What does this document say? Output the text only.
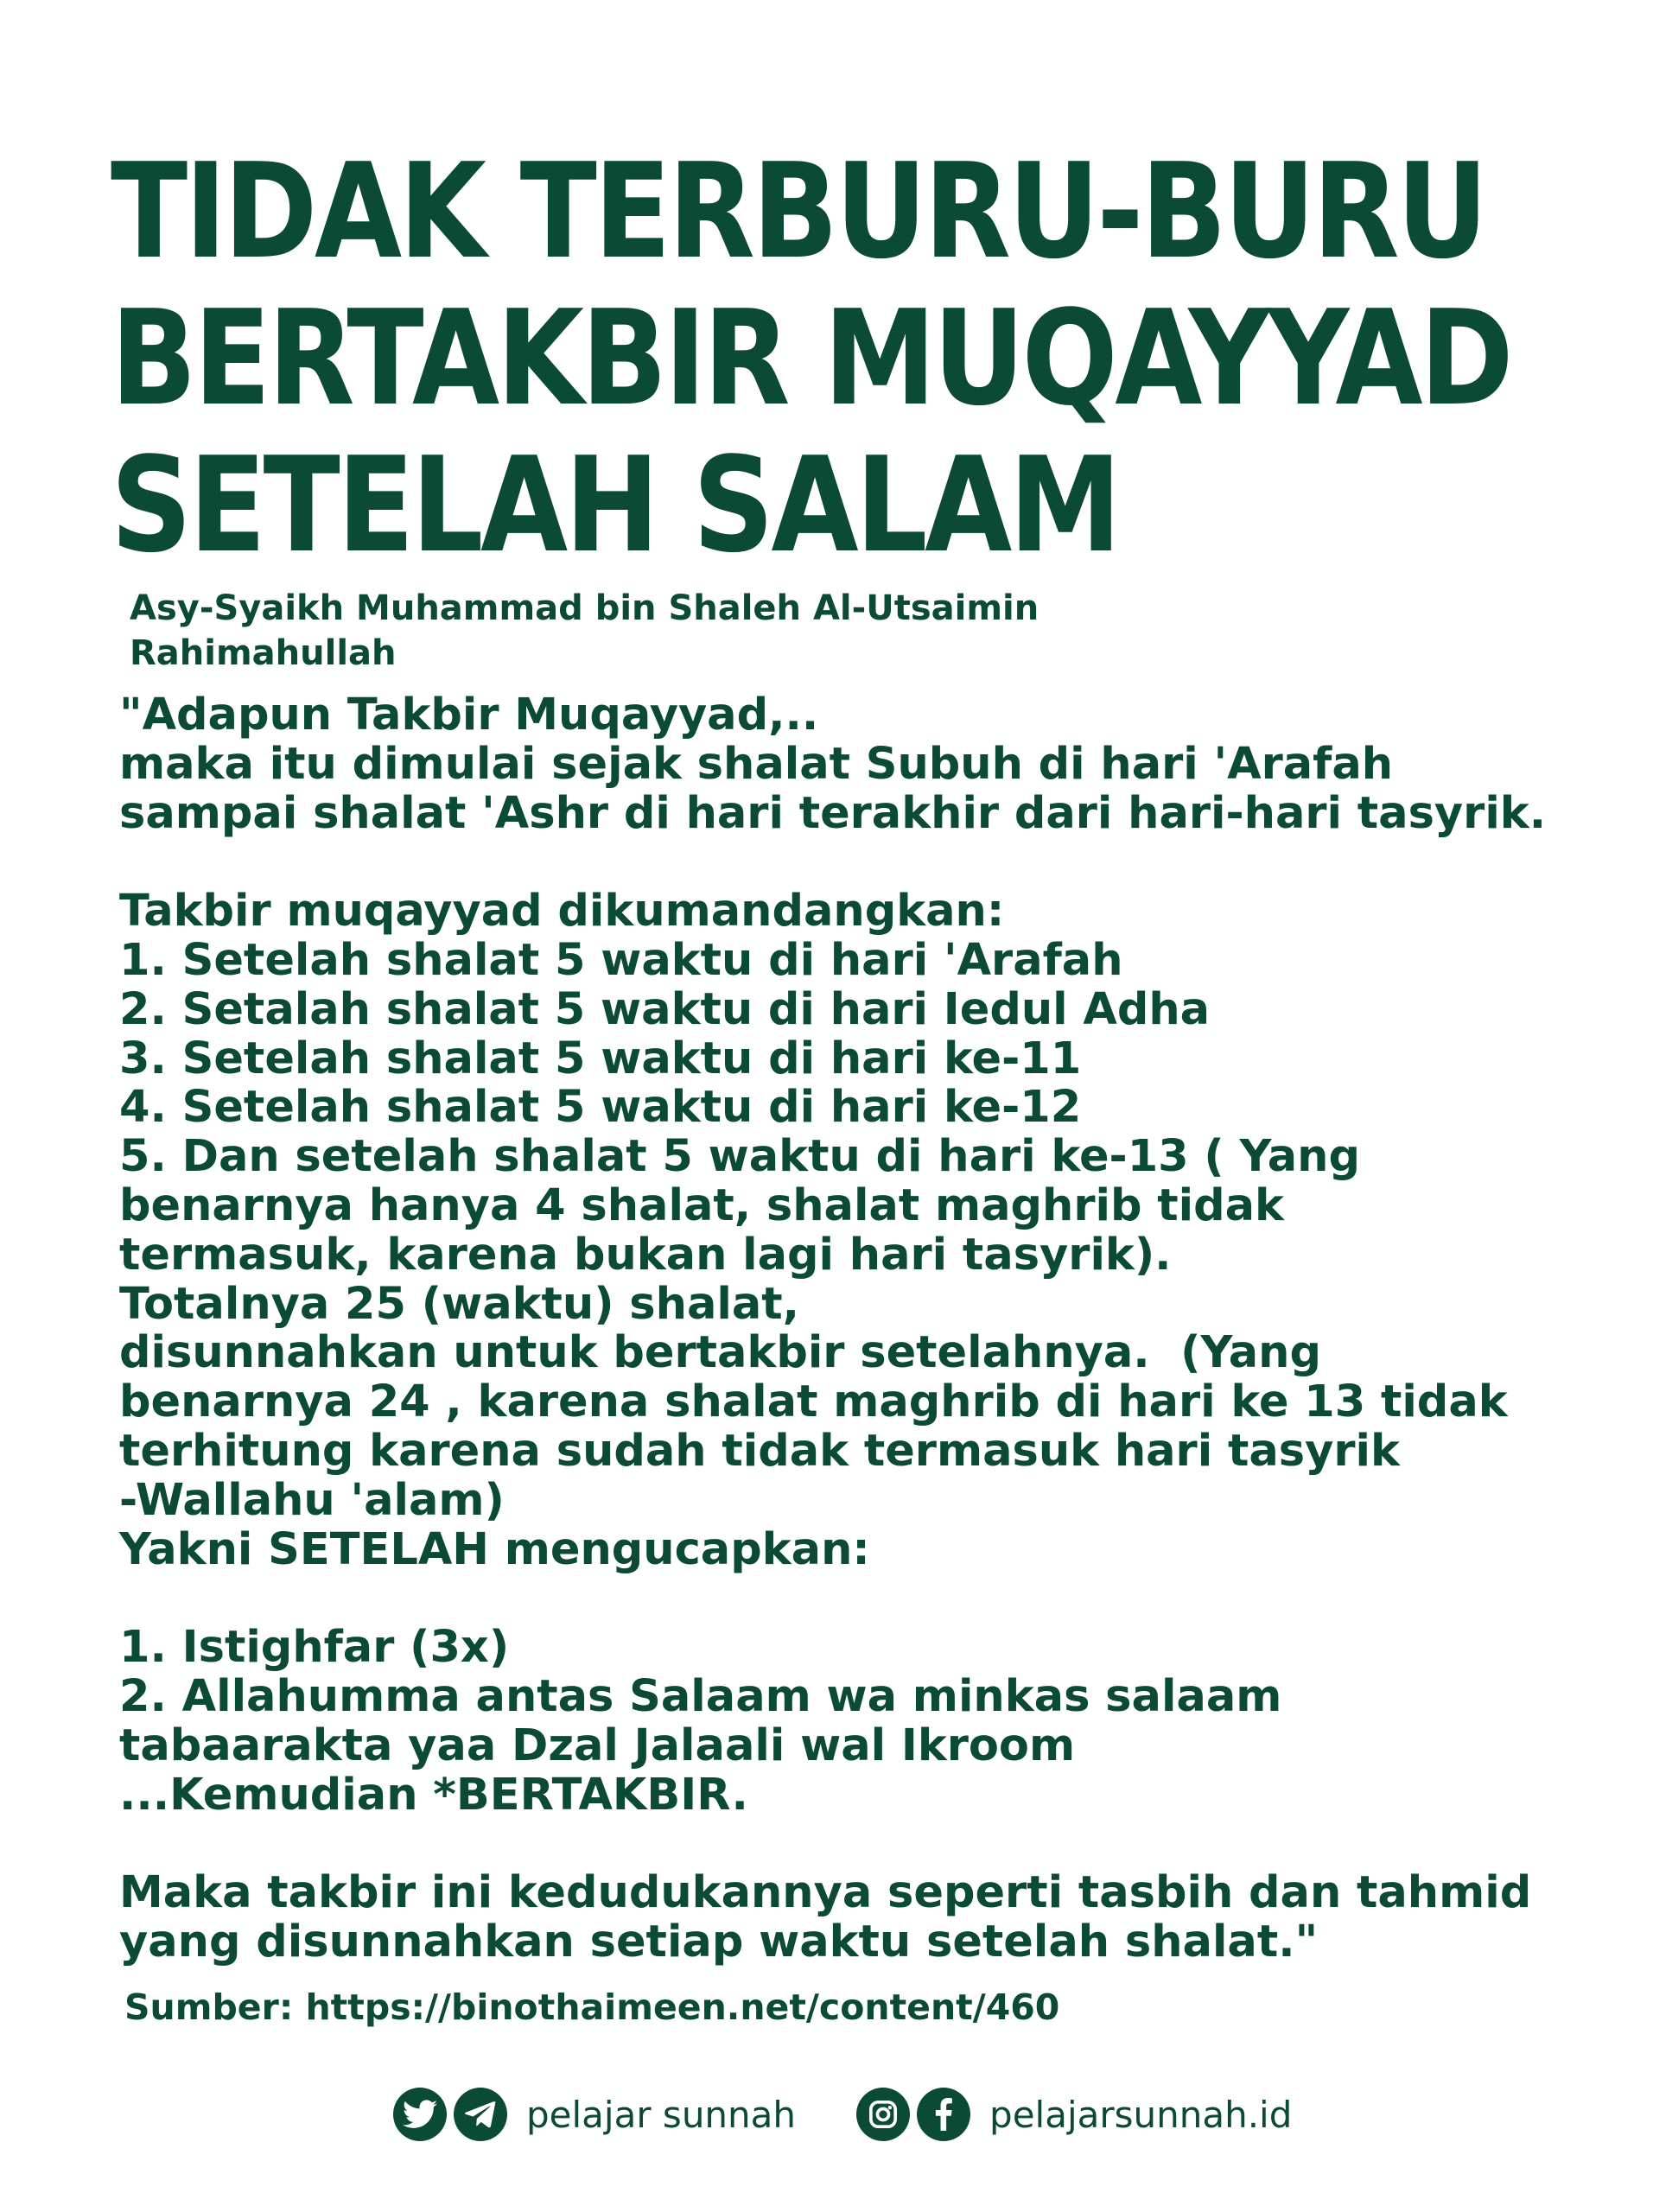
TIDAK TERBURU-BURU
BERTAKBIR MUQAYYAD
SETELAH SALAM
Asy-Syaikh Muhammad bin Shaleh Al-Utsaimin
Rahimahullah
"Adapun Takbir Muqayyad,..
maka itu dimulai sejak shalat Subuh di hari 'Arafah
sampai shalat 'Ashr di hari terakhir dari hari-hari tasyrik.
Takbir muqayyad dikumandangkan:
1. Setelah shalat 5 waktu di hari 'Arafah
2. Setalah shalat 5 waktu di hari Iedul Adha
3. Setelah shalat 5 waktu di hari ke-11
4. Setelah shalat 5 waktu di hari ke-12
5. Dan setelah shalat 5 waktu di hari ke-13 ( Yang
benarnya hanya 4 shalat, shalat maghrib tidak
termasuk, karena bukan lagi hari tasyrik).
Totalnya 25 (waktu) shalat,
disunnahkan untuk bertakbir setelahnya.  (Yang
benarnya 24 , karena shalat maghrib di hari ke 13 tidak
terhitung karena sudah tidak termasuk hari tasyrik
-Wallahu 'alam)
Yakni SETELAH mengucapkan:
1. Istighfar (3x)
2. Allahumma antas Salaam wa minkas salaam
tabaarakta yaa Dzal Jalaali wal Ikroom
...Kemudian *BERTAKBIR.
Maka takbir ini kedudukannya seperti tasbih dan tahmid
yang disunnahkan setiap waktu setelah shalat."
Sumber: https://binothaimeen.net/content/460
pelajar sunnah	pelajarsunnah.id
